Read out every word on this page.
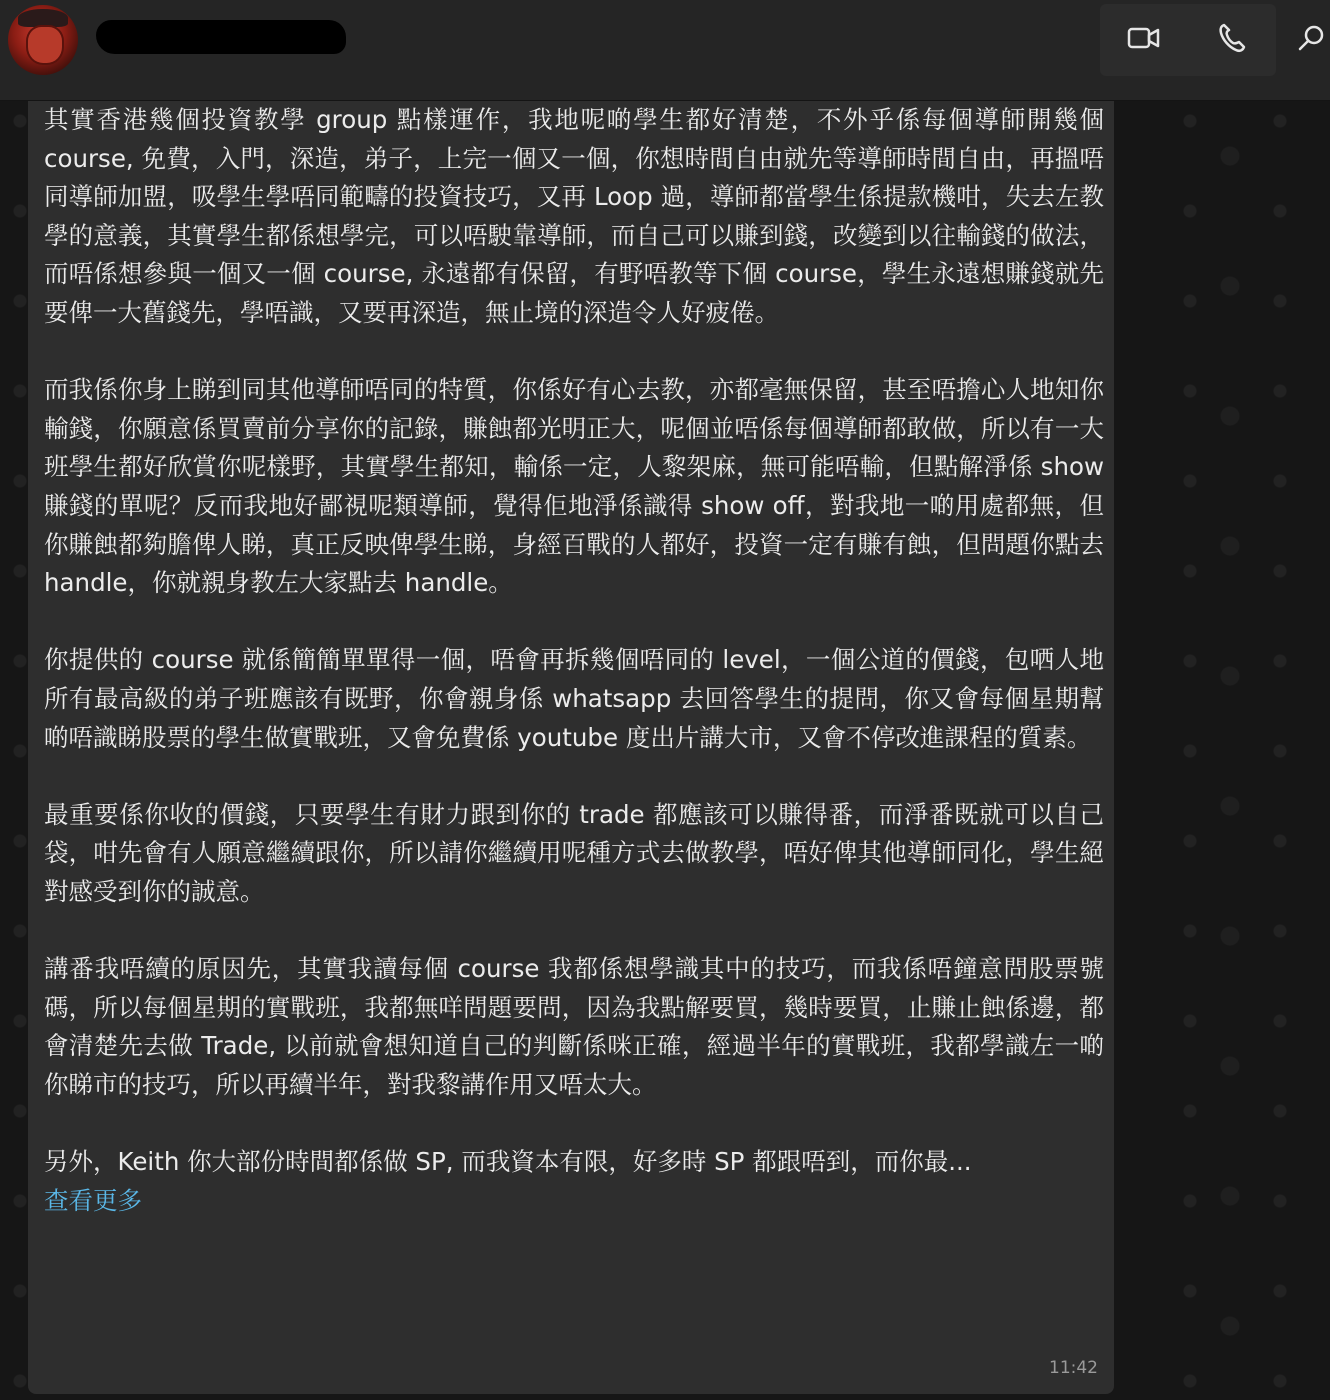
其實香港幾個投資教學 group 點樣運作，我地呢啲學生都好清楚，不外乎係每個導師開幾個 course, 免費，入門，深造，弟子，上完一個又一個，你想時間自由就先等導師時間自由，再搵唔同導師加盟，吸學生學唔同範疇的投資技巧，又再 Loop 過，導師都當學生係提款機咁，失去左教學的意義，其實學生都係想學完，可以唔駛靠導師，而自己可以賺到錢，改變到以往輸錢的做法，而唔係想參與一個又一個 course, 永遠都有保留，有野唔教等下個 course，學生永遠想賺錢就先要俾一大舊錢先，學唔識，又要再深造，無止境的深造令人好疲倦。

而我係你身上睇到同其他導師唔同的特質，你係好有心去教，亦都毫無保留，甚至唔擔心人地知你輸錢，你願意係買賣前分享你的記錄，賺蝕都光明正大，呢個並唔係每個導師都敢做，所以有一大班學生都好欣賞你呢樣野，其實學生都知，輸係一定，人黎架麻，無可能唔輸，但點解淨係 show 賺錢的單呢？反而我地好鄙視呢類導師，覺得佢地淨係識得 show off，對我地一啲用處都無，但你賺蝕都夠膽俾人睇，真正反映俾學生睇，身經百戰的人都好，投資一定有賺有蝕，但問題你點去 handle，你就親身教左大家點去 handle。

你提供的 course 就係簡簡單單得一個，唔會再拆幾個唔同的 level，一個公道的價錢，包哂人地所有最高級的弟子班應該有既野，你會親身係 whatsapp 去回答學生的提問，你又會每個星期幫啲唔識睇股票的學生做實戰班，又會免費係 youtube 度出片講大市，又會不停改進課程的質素。

最重要係你收的價錢，只要學生有財力跟到你的 trade 都應該可以賺得番，而淨番既就可以自己袋，咁先會有人願意繼續跟你，所以請你繼續用呢種方式去做教學，唔好俾其他導師同化，學生絕對感受到你的誠意。

講番我唔續的原因先，其實我讀每個 course 我都係想學識其中的技巧，而我係唔鐘意問股票號碼，所以每個星期的實戰班，我都無咩問題要問，因為我點解要買，幾時要買，止賺止蝕係邊，都會清楚先去做 Trade, 以前就會想知道自己的判斷係咪正確，經過半年的實戰班，我都學識左一啲你睇市的技巧，所以再續半年，對我黎講作用又唔太大。

另外，Keith 你大部份時間都係做 SP, 而我資本有限，好多時 SP 都跟唔到，而你最...

查看更多
11:42
